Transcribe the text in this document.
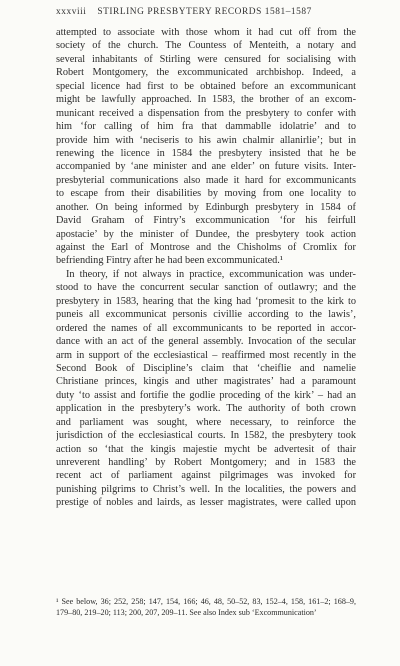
xxxviii STIRLING PRESBYTERY RECORDS 1581–1587
attempted to associate with those whom it had cut off from the
society of the church. The Countess of Menteith, a notary and
several inhabitants of Stirling were censured for socialising with
Robert Montgomery, the excommunicated archbishop. Indeed, a
special licence had first to be obtained before an excommunicant
might be lawfully approached. In 1583, the brother of an excom-
municant received a dispensation from the presbytery to confer with
him ‘for calling of him fra that dammablle idolatrie’ and to
provide him with ‘neciseris to his awin chalmir allanirlie’; but in
renewing the licence in 1584 the presbytery insisted that he be
accompanied by ‘ane minister and ane elder’ on future visits. Inter-
presbyterial communications also made it hard for excommunicants
to escape from their disabilities by moving from one locality to
another. On being informed by Edinburgh presbytery in 1584 of
David Graham of Fintry’s excommunication ‘for his feirfull
apostacie’ by the minister of Dundee, the presbytery took action
against the Earl of Montrose and the Chisholms of Cromlix for
befriending Fintry after he had been excommunicated.¹
In theory, if not always in practice, excommunication was under-
stood to have the concurrent secular sanction of outlawry; and the
presbytery in 1583, hearing that the king had ‘promesit to the kirk to
puneis all excommunicat personis civillie according to the lawis’,
ordered the names of all excommunicants to be reported in accor-
dance with an act of the general assembly. Invocation of the secular
arm in support of the ecclesiastical – reaffirmed most recently in the
Second Book of Discipline’s claim that ‘cheiflie and namelie
Christiane princes, kingis and uther magistrates’ had a paramount
duty ‘to assist and fortifie the godlie proceding of the kirk’ – had an
application in the presbytery’s work. The authority of both crown
and parliament was sought, where necessary, to reinforce the
jurisdiction of the ecclesiastical courts. In 1582, the presbytery took
action so ‘that the kingis majestie mycht be advertesit of thair
unreverent handling’ by Robert Montgomery; and in 1583 the
recent act of parliament against pilgrimages was invoked for
punishing pilgrims to Christ’s well. In the localities, the powers and
prestige of nobles and lairds, as lesser magistrates, were called upon
¹ See below, 36; 252, 258; 147, 154, 166; 46, 48, 50–52, 83, 152–4, 158, 161–2; 168–9,
179–80, 219–20; 113; 200, 207, 209–11. See also Index sub ‘Excommunication’
